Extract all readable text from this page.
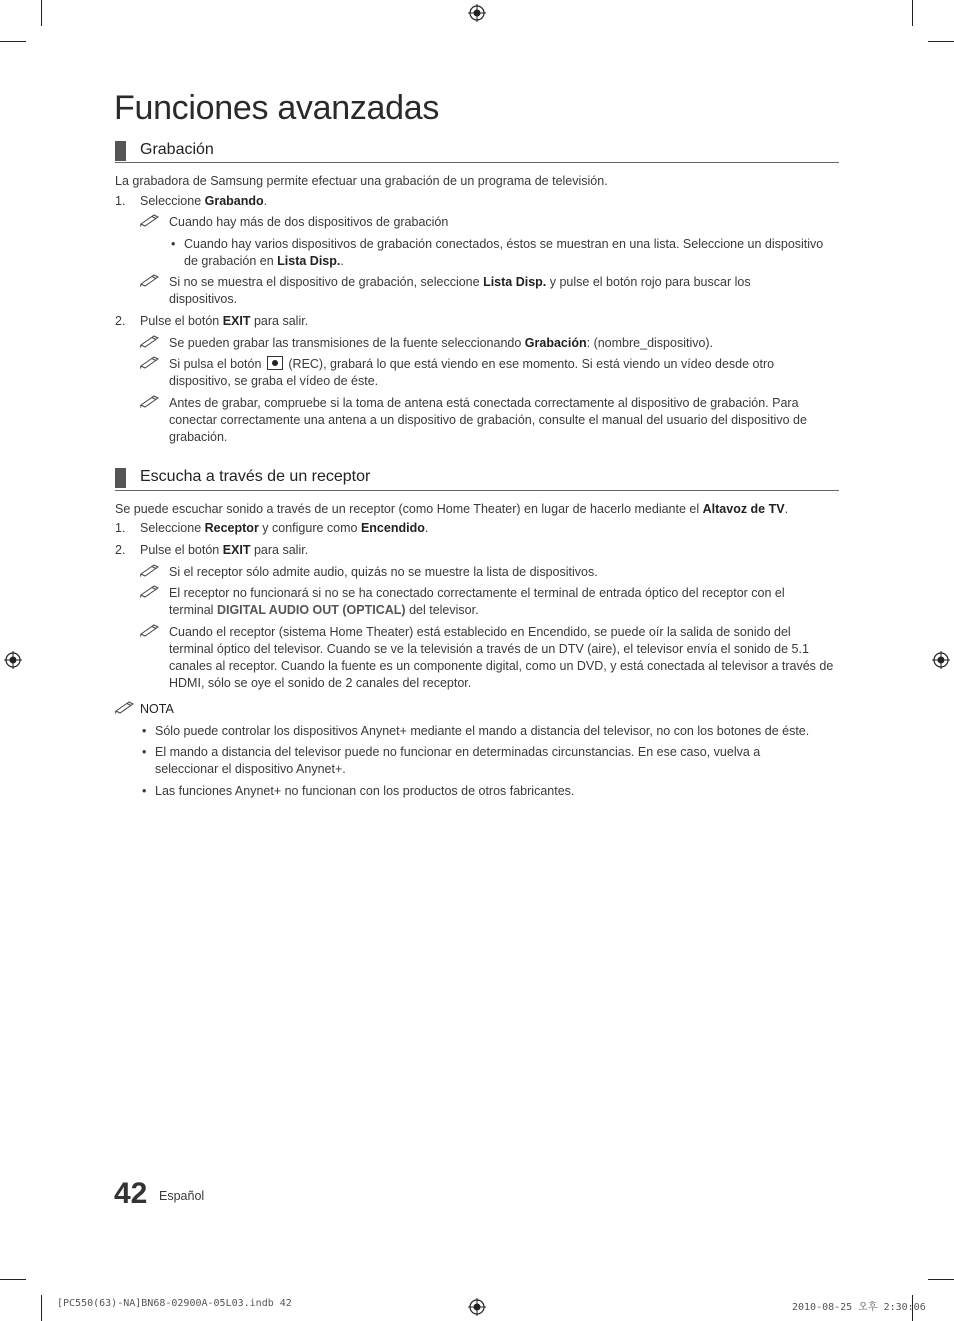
Funciones avanzadas
Grabación
La grabadora de Samsung permite efectuar una grabación de un programa de televisión.
1. Seleccione Grabando.
Cuando hay más de dos dispositivos de grabación
• Cuando hay varios dispositivos de grabación conectados, éstos se muestran en una lista. Seleccione un dispositivo de grabación en Lista Disp..
Si no se muestra el dispositivo de grabación, seleccione Lista Disp. y pulse el botón rojo para buscar los dispositivos.
2. Pulse el botón EXIT para salir.
Se pueden grabar las transmisiones de la fuente seleccionando Grabación: (nombre_dispositivo).
Si pulsa el botón  (REC), grabará lo que está viendo en ese momento. Si está viendo un vídeo desde otro dispositivo, se graba el vídeo de éste.
Antes de grabar, compruebe si la toma de antena está conectada correctamente al dispositivo de grabación. Para conectar correctamente una antena a un dispositivo de grabación, consulte el manual del usuario del dispositivo de grabación.
Escucha a través de un receptor
Se puede escuchar sonido a través de un receptor (como Home Theater) en lugar de hacerlo mediante el Altavoz de TV.
1. Seleccione Receptor y configure como Encendido.
2. Pulse el botón EXIT para salir.
Si el receptor sólo admite audio, quizás no se muestre la lista de dispositivos.
El receptor no funcionará si no se ha conectado correctamente el terminal de entrada óptico del receptor con el terminal DIGITAL AUDIO OUT (OPTICAL) del televisor.
Cuando el receptor (sistema Home Theater) está establecido en Encendido, se puede oír la salida de sonido del terminal óptico del televisor. Cuando se ve la televisión a través de un DTV (aire), el televisor envía el sonido de 5.1 canales al receptor. Cuando la fuente es un componente digital, como un DVD, y está conectada al televisor a través de HDMI, sólo se oye el sonido de 2 canales del receptor.
NOTA
• Sólo puede controlar los dispositivos Anynet+ mediante el mando a distancia del televisor, no con los botones de éste.
• El mando a distancia del televisor puede no funcionar en determinadas circunstancias. En ese caso, vuelva a seleccionar el dispositivo Anynet+.
• Las funciones Anynet+ no funcionan con los productos de otros fabricantes.
42 Español
[PC550(63)-NA]BN68-02900A-05L03.indb 42	2010-08-25 오후 2:30:06
